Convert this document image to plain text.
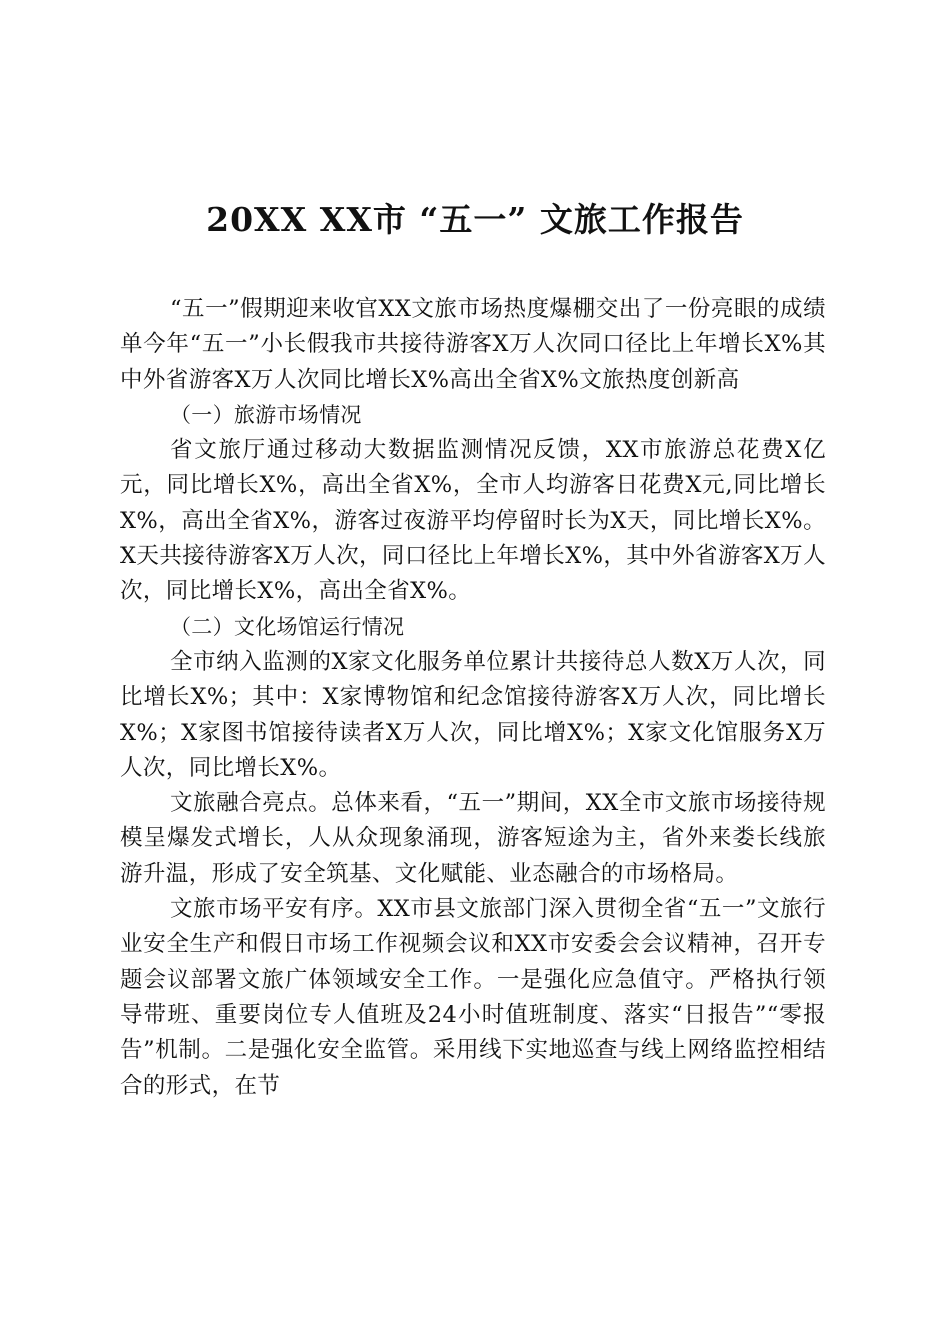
20XX XX市 “五一” 文旅工作报告

“五一”假期迎来收官XX文旅市场热度爆棚交出了一份亮眼的成绩单今年“五一”小长假我市共接待游客X万人次同口径比上年增长X%其中外省游客X万人次同比增长X%高出全省X%文旅热度创新高

（一）旅游市场情况

省文旅厅通过移动大数据监测情况反馈，XX市旅游总花费X亿元，同比增长X%，高出全省X%，全市人均游客日花费X元,同比增长X%，高出全省X%，游客过夜游平均停留时长为X天，同比增长X%。X天共接待游客X万人次，同口径比上年增长X%，其中外省游客X万人次，同比增长X%，高出全省X%。

（二）文化场馆运行情况

全市纳入监测的X家文化服务单位累计共接待总人数X万人次，同比增长X%；其中：X家博物馆和纪念馆接待游客X万人次，同比增长X%；X家图书馆接待读者X万人次，同比增X%；X家文化馆服务X万人次，同比增长X%。

文旅融合亮点。总体来看，“五一”期间，XX全市文旅市场接待规模呈爆发式增长，人从众现象涌现，游客短途为主，省外来娄长线旅游升温，形成了安全筑基、文化赋能、业态融合的市场格局。

文旅市场平安有序。XX市县文旅部门深入贯彻全省“五一”文旅行业安全生产和假日市场工作视频会议和XX市安委会会议精神，召开专题会议部署文旅广体领域安全工作。一是强化应急值守。严格执行领导带班、重要岗位专人值班及24小时值班制度、落实“日报告”“零报告”机制。二是强化安全监管。采用线下实地巡查与线上网络监控相结合的形式，在节
